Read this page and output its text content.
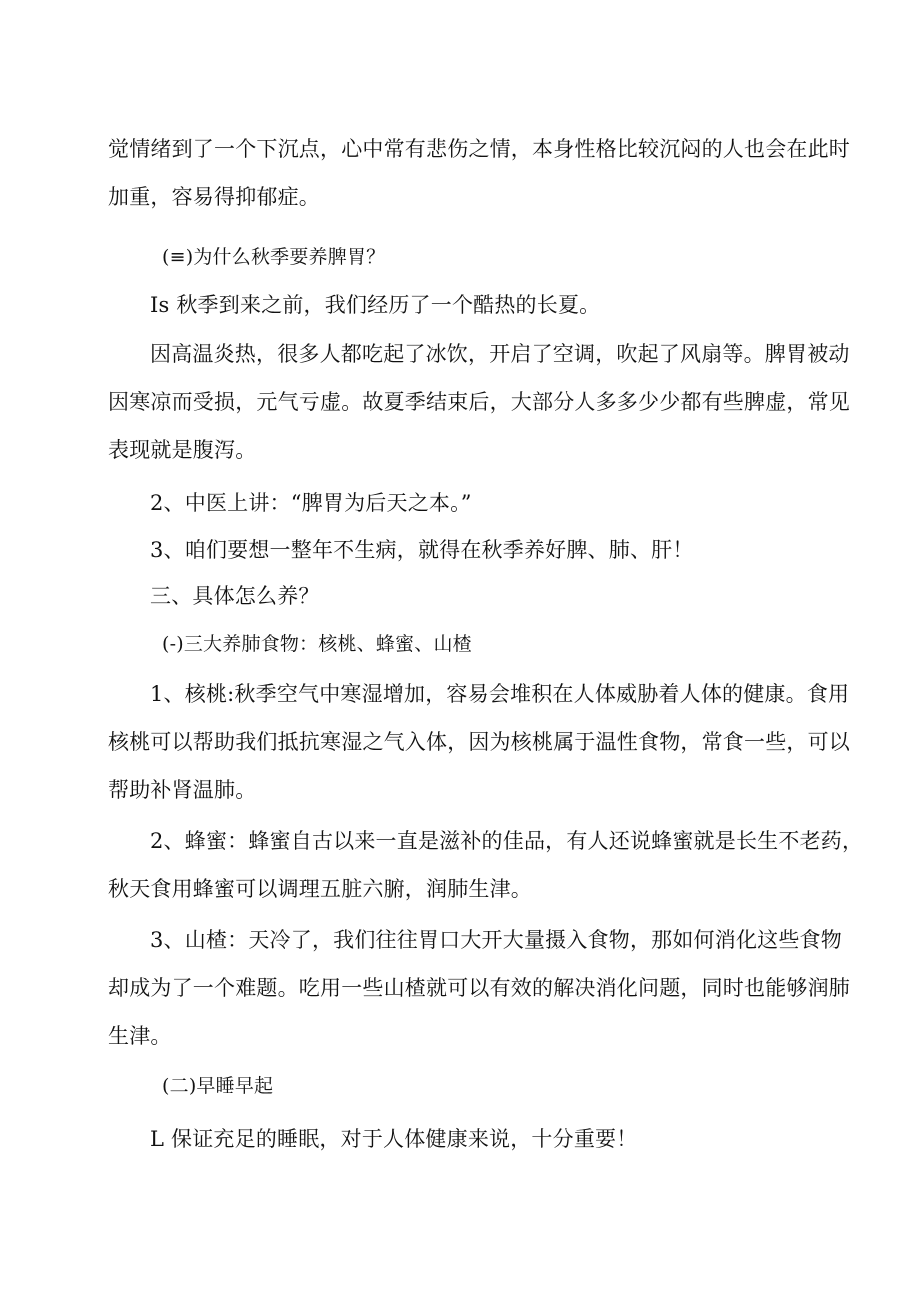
觉情绪到了一个下沉点，心中常有悲伤之情，本身性格比较沉闷的人也会在此时
加重，容易得抑郁症。
(≡)为什么秋季要养脾胃？
Is 秋季到来之前，我们经历了一个酷热的长夏。
因高温炎热，很多人都吃起了冰饮，开启了空调，吹起了风扇等。脾胃被动
因寒凉而受损，元气亏虚。故夏季结束后，大部分人多多少少都有些脾虚，常见
表现就是腹泻。
2、中医上讲：“脾胃为后天之本。”
3、咱们要想一整年不生病，就得在秋季养好脾、肺、肝！
三、具体怎么养？
(-)三大养肺食物：核桃、蜂蜜、山楂
1、核桃:秋季空气中寒湿增加，容易会堆积在人体威胁着人体的健康。食用
核桃可以帮助我们抵抗寒湿之气入体，因为核桃属于温性食物，常食一些，可以
帮助补肾温肺。
2、蜂蜜：蜂蜜自古以来一直是滋补的佳品，有人还说蜂蜜就是长生不老药，
秋天食用蜂蜜可以调理五脏六腑，润肺生津。
3、山楂：天冷了，我们往往胃口大开大量摄入食物，那如何消化这些食物
却成为了一个难题。吃用一些山楂就可以有效的解决消化问题，同时也能够润肺
生津。
(二)早睡早起
L 保证充足的睡眠，对于人体健康来说，十分重要！
